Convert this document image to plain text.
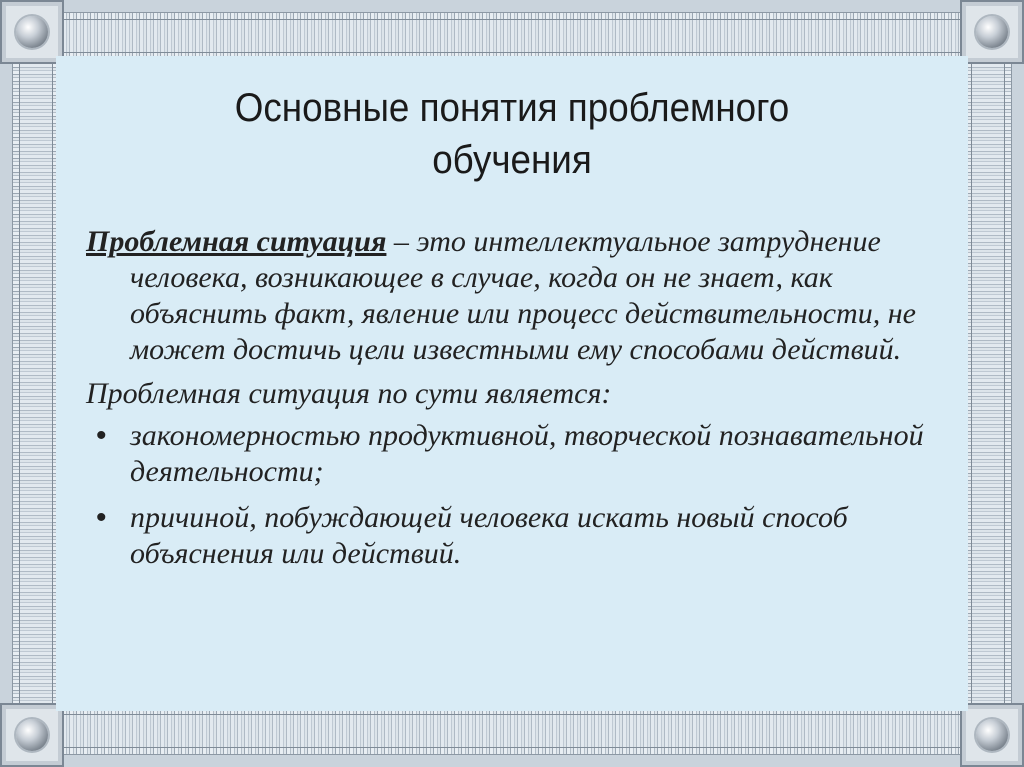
Основные понятия проблемного
обучения

Проблемная ситуация – это интеллектуальное затруднение человека, возникающее в случае, когда он не знает, как объяснить факт, явление или процесс действительности, не может достичь цели известными ему способами действий.

Проблемная ситуация по сути является:

• закономерностью продуктивной, творческой познавательной деятельности;
• причиной, побуждающей человека искать новый способ объяснения или действий.
